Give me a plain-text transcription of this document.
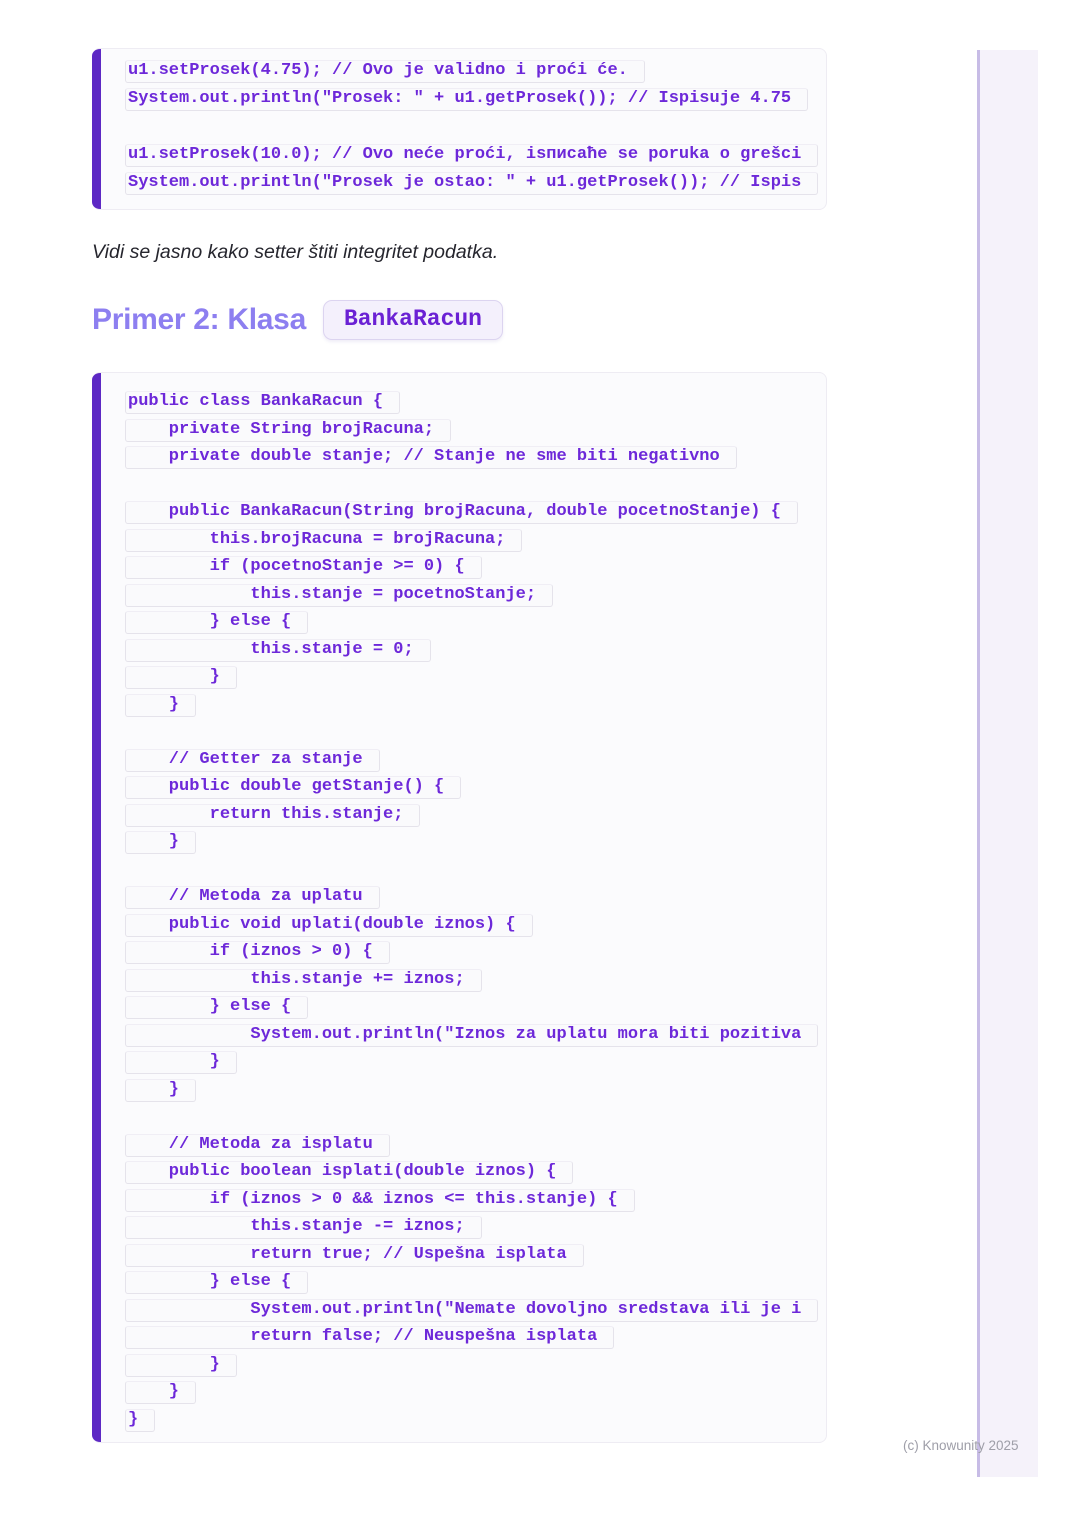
u1.setProsek(4.75); // Ovo je validno i proći će.
System.out.println("Prosek: " + u1.getProsek()); // Ispisuje 4.75
u1.setProsek(10.0); // Ovo neće proći, isписаће se poruka o grešci
System.out.println("Prosek je ostao: " + u1.getProsek()); // Ispis
Vidi se jasno kako setter štiti integritet podatka.
Primer 2: Klasa	BankaRacun
public class BankaRacun {
private String brojRacuna;
private double stanje; // Stanje ne sme biti negativno
public BankaRacun(String brojRacuna, double pocetnoStanje) {
this.brojRacuna = brojRacuna;
if (pocetnoStanje >= 0) {
this.stanje = pocetnoStanje;
} else {
this.stanje = 0;
}
}
// Getter za stanje
public double getStanje() {
return this.stanje;
}
// Metoda za uplatu
public void uplati(double iznos) {
if (iznos > 0) {
this.stanje += iznos;
} else {
System.out.println("Iznos za uplatu mora biti pozitiva
}
}
// Metoda za isplatu
public boolean isplati(double iznos) {
if (iznos > 0 && iznos <= this.stanje) {
this.stanje -= iznos;
return true; // Uspešna isplata
} else {
System.out.println("Nemate dovoljno sredstava ili je i
return false; // Neuspešna isplata
}
}
}
(c) Knowunity 2025
